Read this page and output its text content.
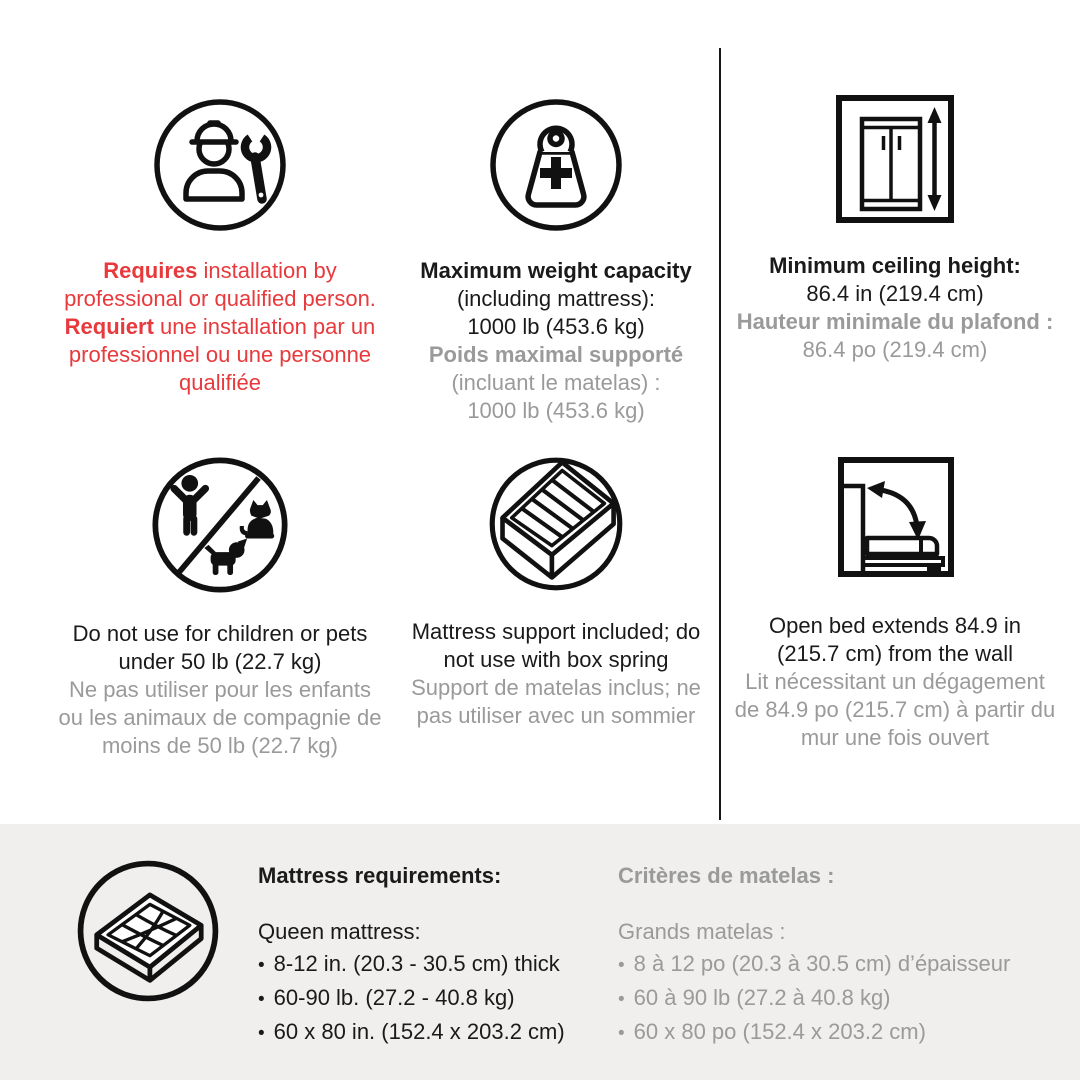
Requires installation by
professional or qualified person.
Requiert une installation par un
professionnel ou une personne
qualifiée
Maximum weight capacity
(including mattress):
1000 lb (453.6 kg)
Poids maximal supporté
(incluant le matelas) :
1000 lb (453.6 kg)
Minimum ceiling height:
86.4 in (219.4 cm)
Hauteur minimale du plafond :
86.4 po (219.4 cm)
Do not use for children or pets
under 50 lb (22.7 kg)
Ne pas utiliser pour les enfants
ou les animaux de compagnie de
moins de 50 lb (22.7 kg)
Mattress support included; do
not use with box spring
Support de matelas inclus; ne
pas utiliser avec un sommier
Open bed extends 84.9 in
(215.7 cm) from the wall
Lit nécessitant un dégagement
de 84.9 po (215.7 cm) à partir du
mur une fois ouvert
Mattress requirements:
Queen mattress:
•
8-12 in. (20.3 - 30.5 cm) thick
•
60-90 lb. (27.2 - 40.8 kg)
•
60 x 80 in. (152.4 x 203.2 cm)
Critères de matelas :
Grands matelas :
•
8 à 12 po (20.3 à 30.5 cm) d’épaisseur
•
60 à 90 lb (27.2 à 40.8 kg)
•
60 x 80 po (152.4 x 203.2 cm)
